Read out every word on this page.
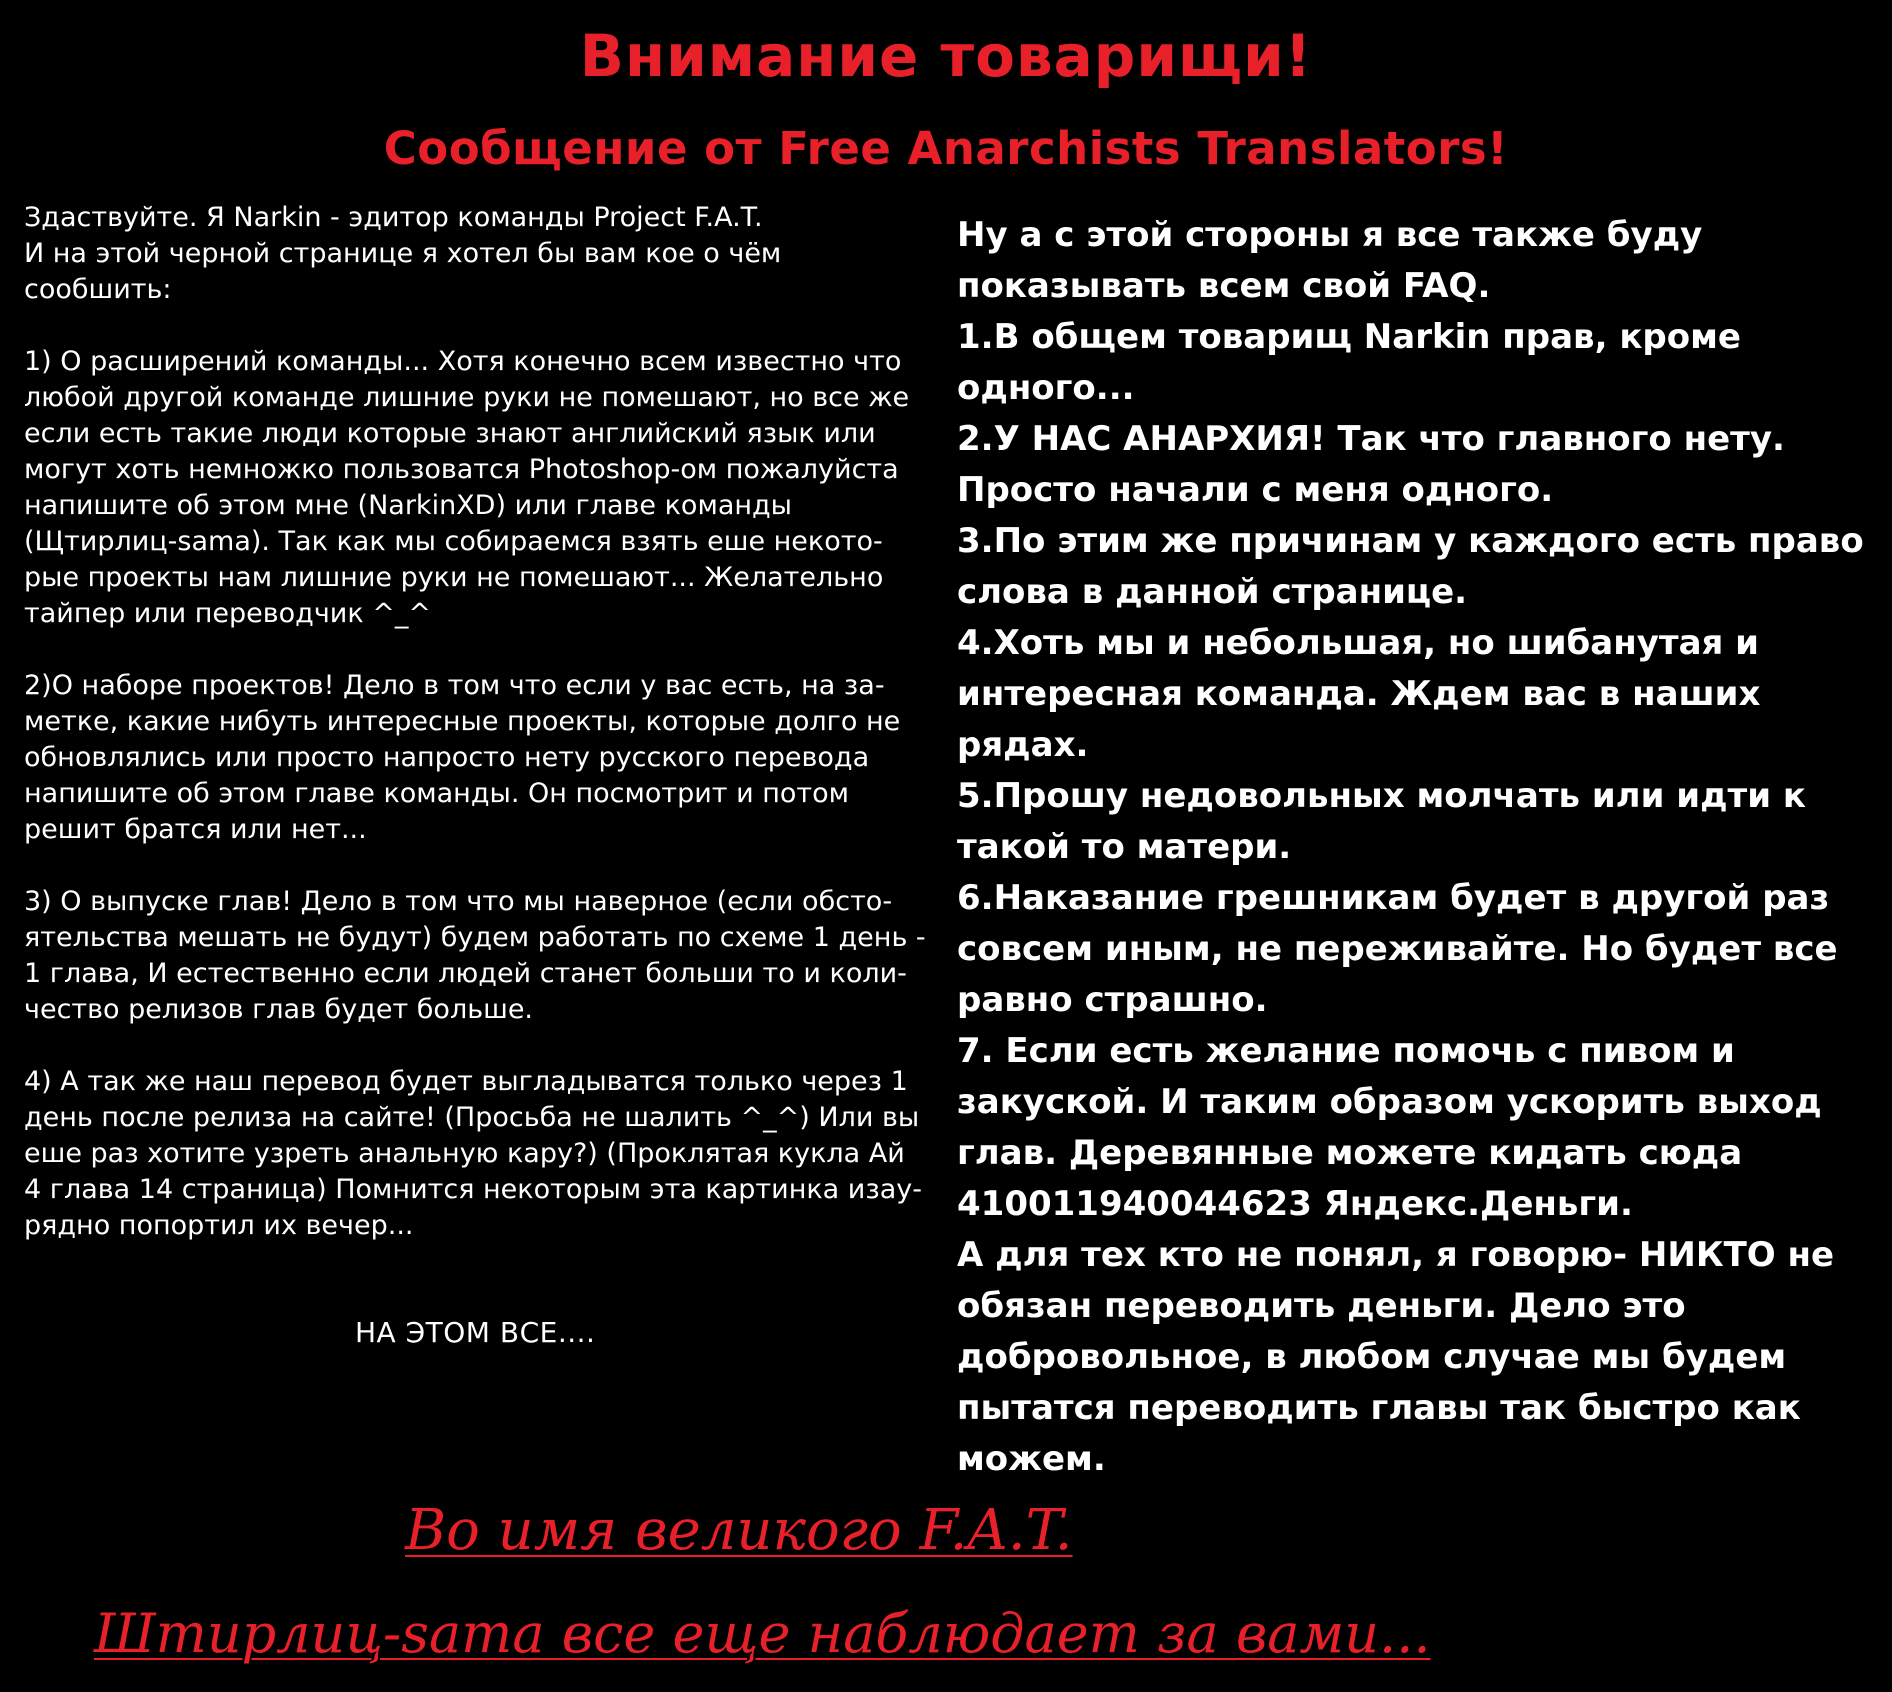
Внимание товарищи!
Сообщение от Free Anarchists Translators!

Здаствуйте. Я Narkin - эдитор команды Project F.A.T.
И на этой черной странице я хотел бы вам кое о чём
сообшить:

1) О расширений команды... Хотя конечно всем известно что
любой другой команде лишние руки не помешают, но все же
если есть такие люди которые знают английский язык или
могут хоть немножко пользоватся Photoshop-ом пожалуйста
напишите об этом мне (NarkinXD) или главе команды
(Щтирлиц-sama). Так как мы собираемся взять еше некото-
рые проекты нам лишние руки не помешают... Желательно
тайпер или переводчик ^_^

2)О наборе проектов! Дело в том что если у вас есть, на за-
метке, какие нибуть интересные проекты, которые долго не
обновлялись или просто напросто нету русского перевода
напишите об этом главе команды. Он посмотрит и потом
решит братся или нет...

3) О выпуске глав! Дело в том что мы наверное (если обсто-
ятельства мешать не будут) будем работать по схеме 1 день -
1 глава, И естественно если людей станет больши то и коли-
чество релизов глав будет больше.

4) А так же наш перевод будет выгладыватся только через 1
день после релиза на сайте! (Просьба не шалить ^_^) Или вы
еше раз хотите узреть анальную кару?) (Проклятая кукла Ай
4 глава 14 страница) Помнится некоторым эта картинка изау-
рядно попортил их вечер...

НА ЭТОМ ВСЕ....
Ну а с этой стороны я все также буду
показывать всем свой FAQ.
1.В общем товарищ Narkin прав, кроме
одного...
2.У НАС АНАРХИЯ! Так что главного нету.
Просто начали с меня одного.
3.По этим же причинам у каждого есть право
слова в данной странице.
4.Хоть мы и небольшая, но шибанутая и
интересная команда. Ждем вас в наших рядах.
5.Прошу недовольных молчать или идти к
такой то матери.
6.Наказание грешникам будет в другой раз
совсем иным, не переживайте. Но будет все
равно страшно.
7. Если есть желание помочь с пивом и
закуской. И таким образом ускорить выход
глав. Деревянные можете кидать сюда
410011940044623 Яндекс.Деньги.
А для тех кто не понял, я говорю- НИКТО не
обязан переводить деньги. Дело это
добровольное, в любом случае мы будем
пытатся переводить главы так быстро как
можем.
Во имя великого F.A.T.
Штирлиц-sama все еще наблюдает за вами...
